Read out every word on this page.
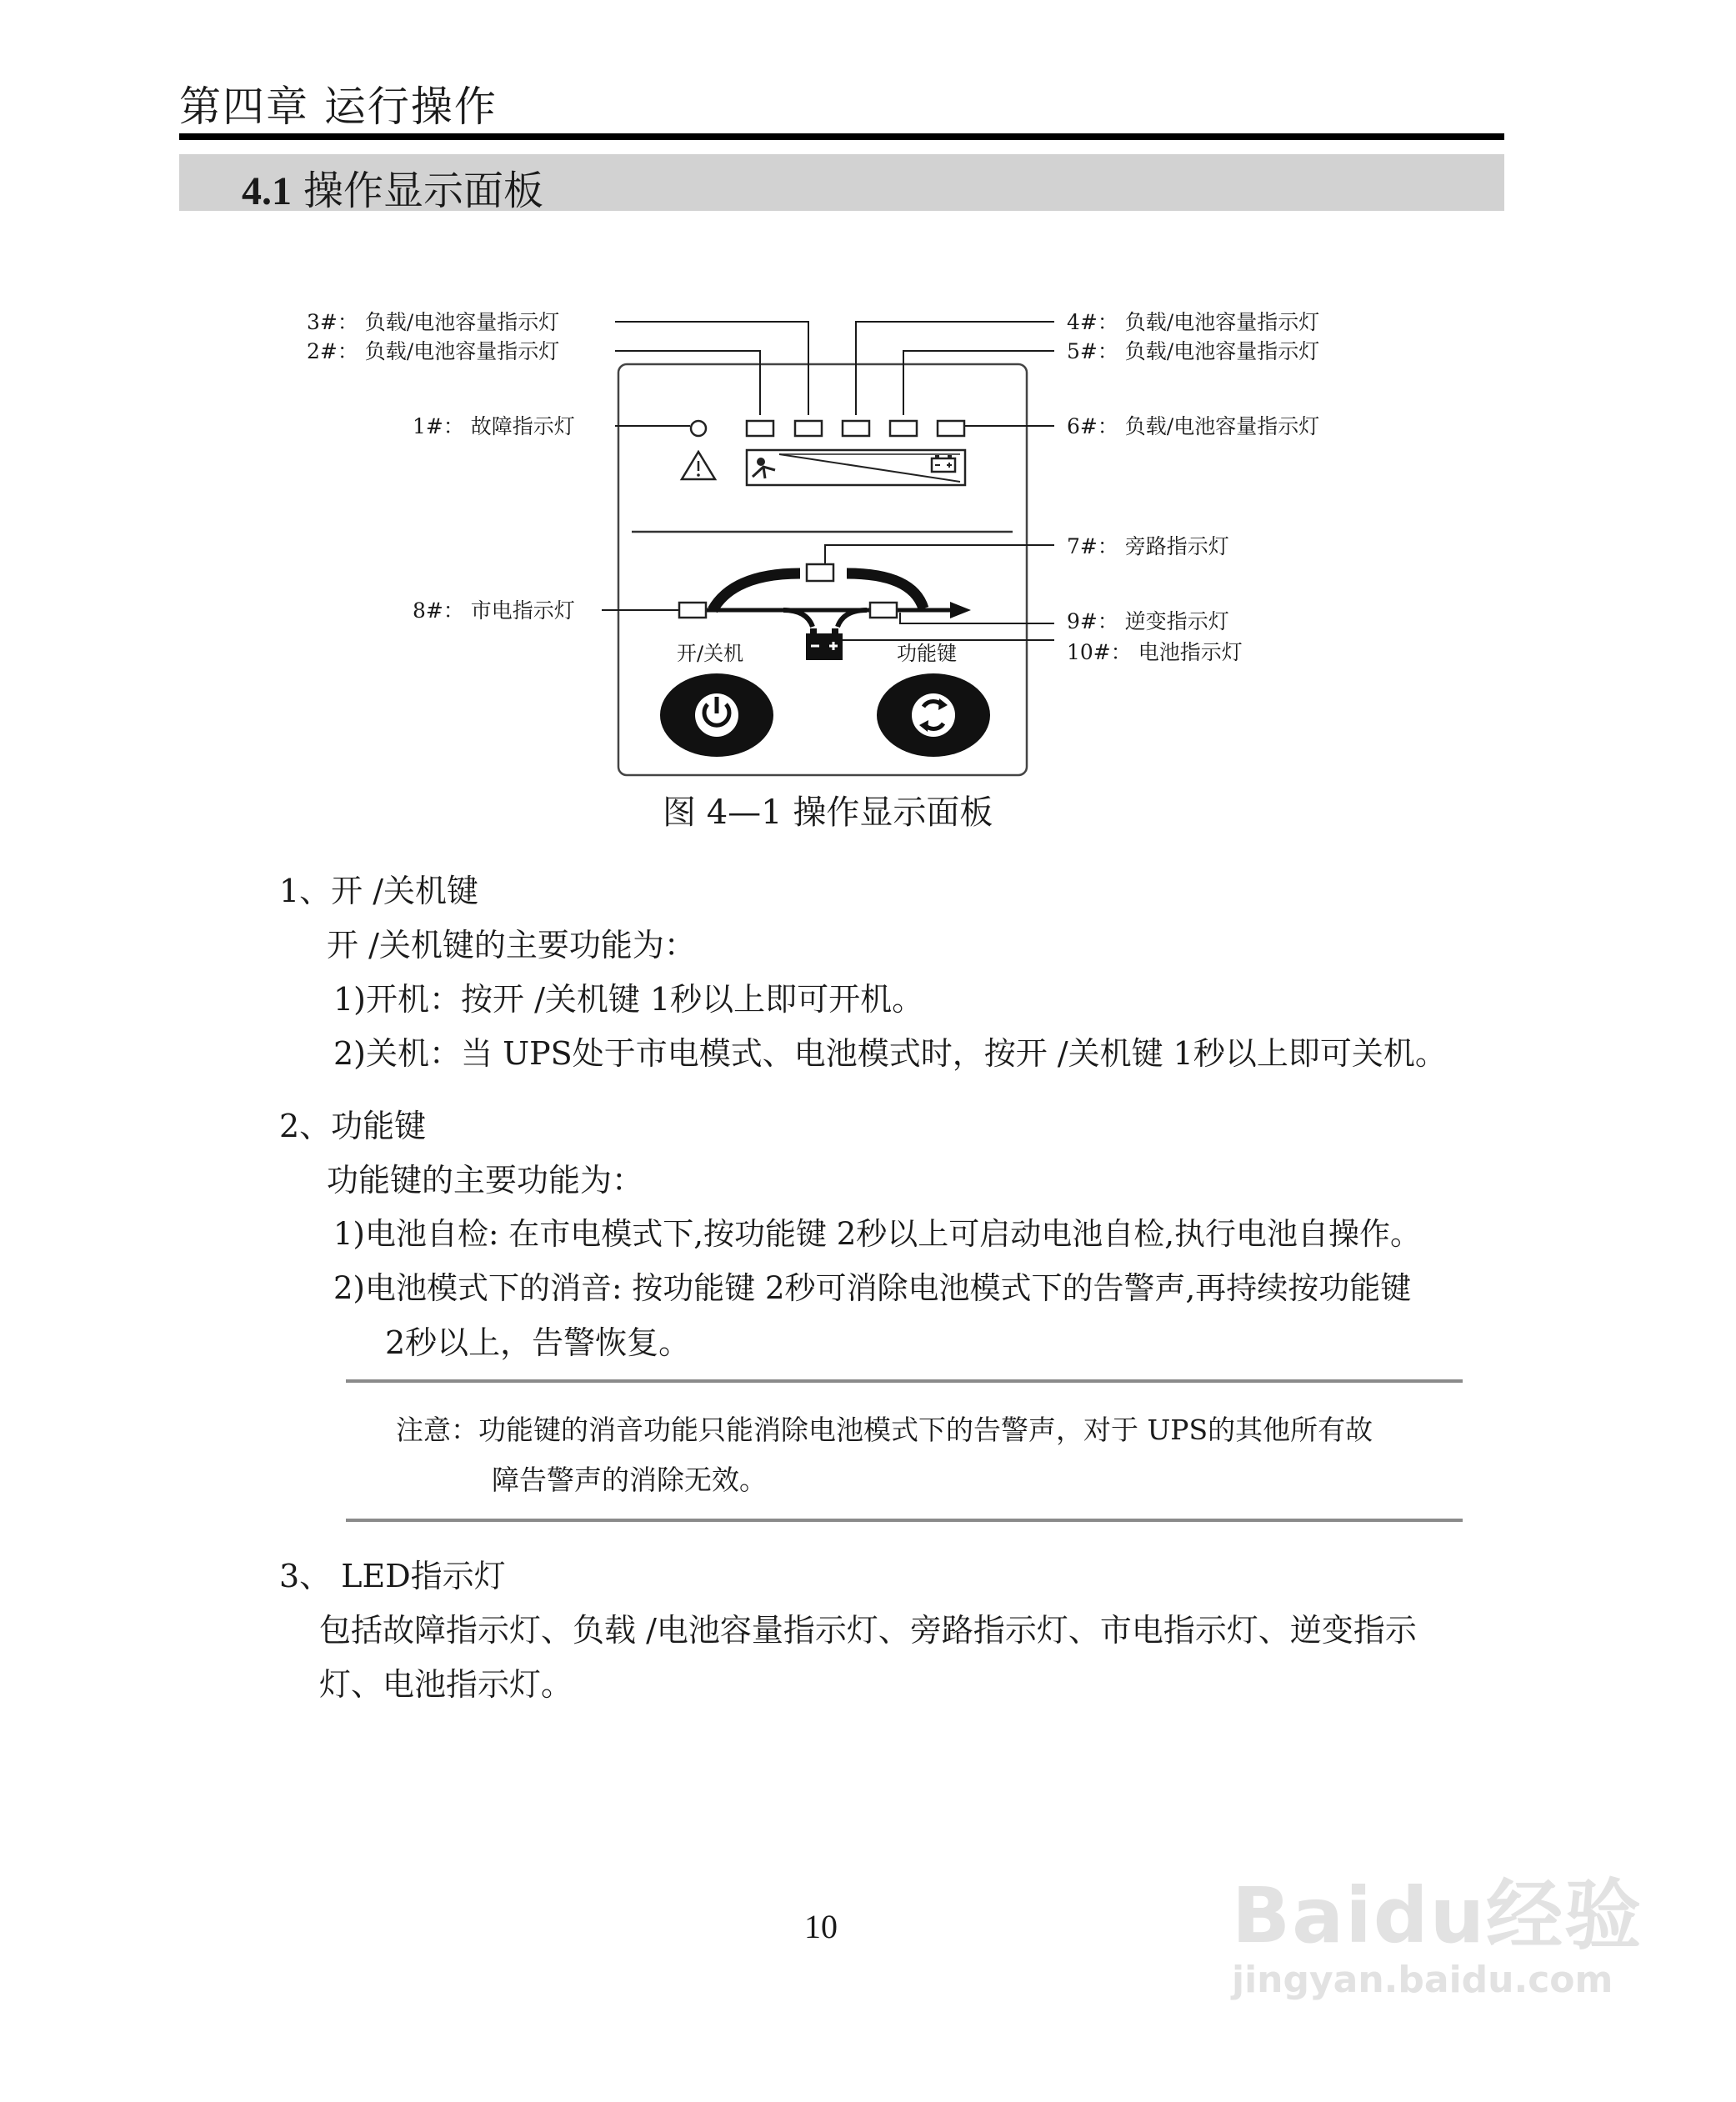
第四章 运行操作
4.1 操作显示面板
3#： 负载/电池容量指示灯
2#： 负载/电池容量指示灯
1#： 故障指示灯
4#： 负载/电池容量指示灯
5#： 负载/电池容量指示灯
6#： 负载/电池容量指示灯
7#： 旁路指示灯
8#： 市电指示灯	9#： 逆变指示灯
10#： 电池指示灯
开/关机	功能键
图 4—1 操作显示面板
1、开 /关机键
开 /关机键的主要功能为：
1)开机：按开 /关机键 1秒以上即可开机。
2)关机：当 UPS处于市电模式、电池模式时，按开 /关机键 1秒以上即可关机。
2、功能键
功能键的主要功能为：
1)电池自检: 在市电模式下,按功能键 2秒以上可启动电池自检,执行电池自操作。
2)电池模式下的消音: 按功能键 2秒可消除电池模式下的告警声,再持续按功能键
2秒以上，告警恢复。
注意：功能键的消音功能只能消除电池模式下的告警声，对于 UPS的其他所有故
障告警声的消除无效。
3、 LED指示灯
包括故障指示灯、负载 /电池容量指示灯、旁路指示灯、市电指示灯、逆变指示
灯、电池指示灯。
10	Baidu经验
jingyan.baidu.com
